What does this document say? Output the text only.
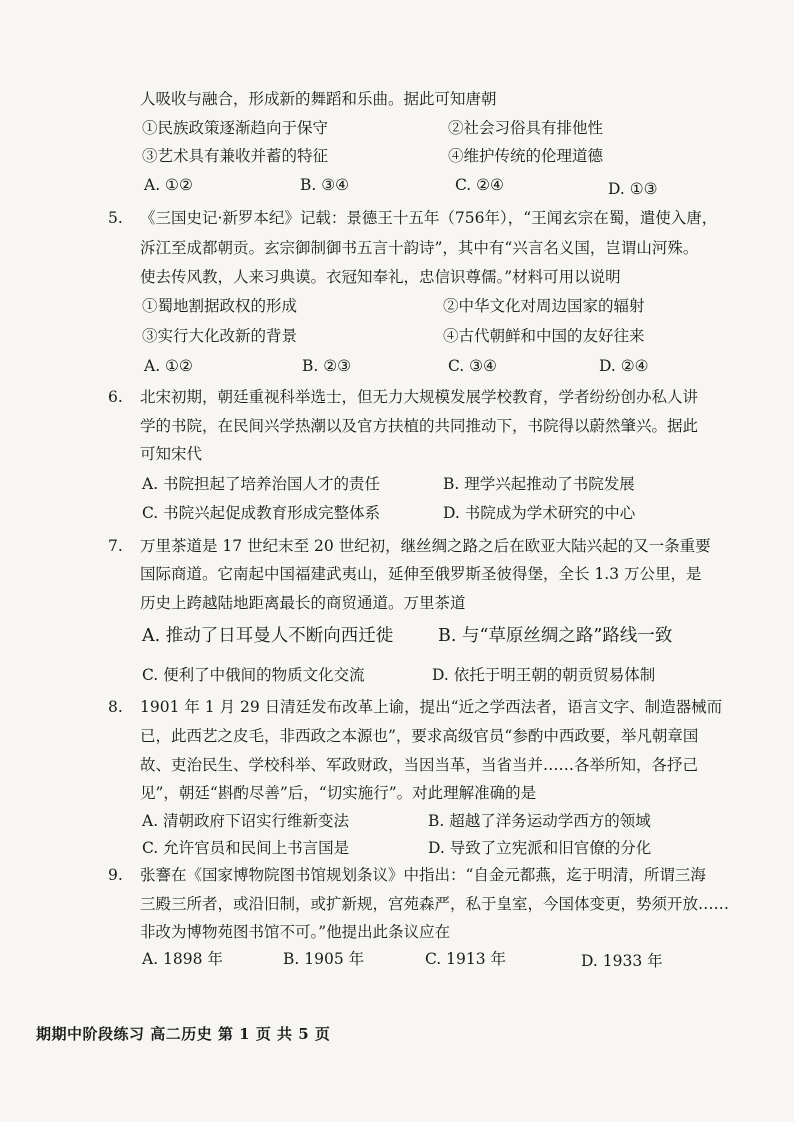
人吸收与融合，形成新的舞蹈和乐曲。据此可知唐朝
①民族政策逐渐趋向于保守	②社会习俗具有排他性
③艺术具有兼收并蓄的特征	④维护传统的伦理道德
A. ①②	B. ③④	C. ②④	D. ①③
5. 《三国史记·新罗本纪》记载：景德王十五年（756年），“王闻玄宗在蜀，遣使入唐，
泝江至成都朝贡。玄宗御制御书五言十韵诗”，其中有“兴言名义国，岂谓山河殊。
使去传风教，人来习典谟。衣冠知奉礼，忠信识尊儒。”材料可用以说明
①蜀地割据政权的形成	②中华文化对周边国家的辐射
③实行大化改新的背景	④古代朝鲜和中国的友好往来
A. ①②	B. ②③	C. ③④	D. ②④
6. 北宋初期，朝廷重视科举选士，但无力大规模发展学校教育，学者纷纷创办私人讲
学的书院，在民间兴学热潮以及官方扶植的共同推动下，书院得以蔚然肇兴。据此
可知宋代
A. 书院担起了培养治国人才的责任	B. 理学兴起推动了书院发展
C. 书院兴起促成教育形成完整体系	D. 书院成为学术研究的中心
7. 万里茶道是 17 世纪末至 20 世纪初，继丝绸之路之后在欧亚大陆兴起的又一条重要
国际商道。它南起中国福建武夷山，延伸至俄罗斯圣彼得堡，全长 1.3 万公里，是
历史上跨越陆地距离最长的商贸通道。万里茶道
A. 推动了日耳曼人不断向西迁徙	B. 与“草原丝绸之路”路线一致
C. 便利了中俄间的物质文化交流	D. 依托于明王朝的朝贡贸易体制
8. 1901 年 1 月 29 日清廷发布改革上谕，提出“近之学西法者，语言文字、制造器械而
已，此西艺之皮毛，非西政之本源也”，要求高级官员“参酌中西政要，举凡朝章国
故、吏治民生、学校科举、军政财政，当因当革，当省当并……各举所知，各抒己
见”，朝廷“斟酌尽善”后，“切实施行”。对此理解准确的是
A. 清朝政府下诏实行维新变法	B. 超越了洋务运动学西方的领域
C. 允许官员和民间上书言国是	D. 导致了立宪派和旧官僚的分化
9. 张謇在《国家博物院图书馆规划条议》中指出：“自金元都燕，迄于明清，所谓三海
三殿三所者，或沿旧制，或扩新规，宫苑森严，私于皇室，今国体变更，势须开放……
非改为博物苑图书馆不可。”他提出此条议应在
A. 1898 年	B. 1905 年	C. 1913 年	D. 1933 年
期期中阶段练习 高二历史 第 1 页 共 5 页
